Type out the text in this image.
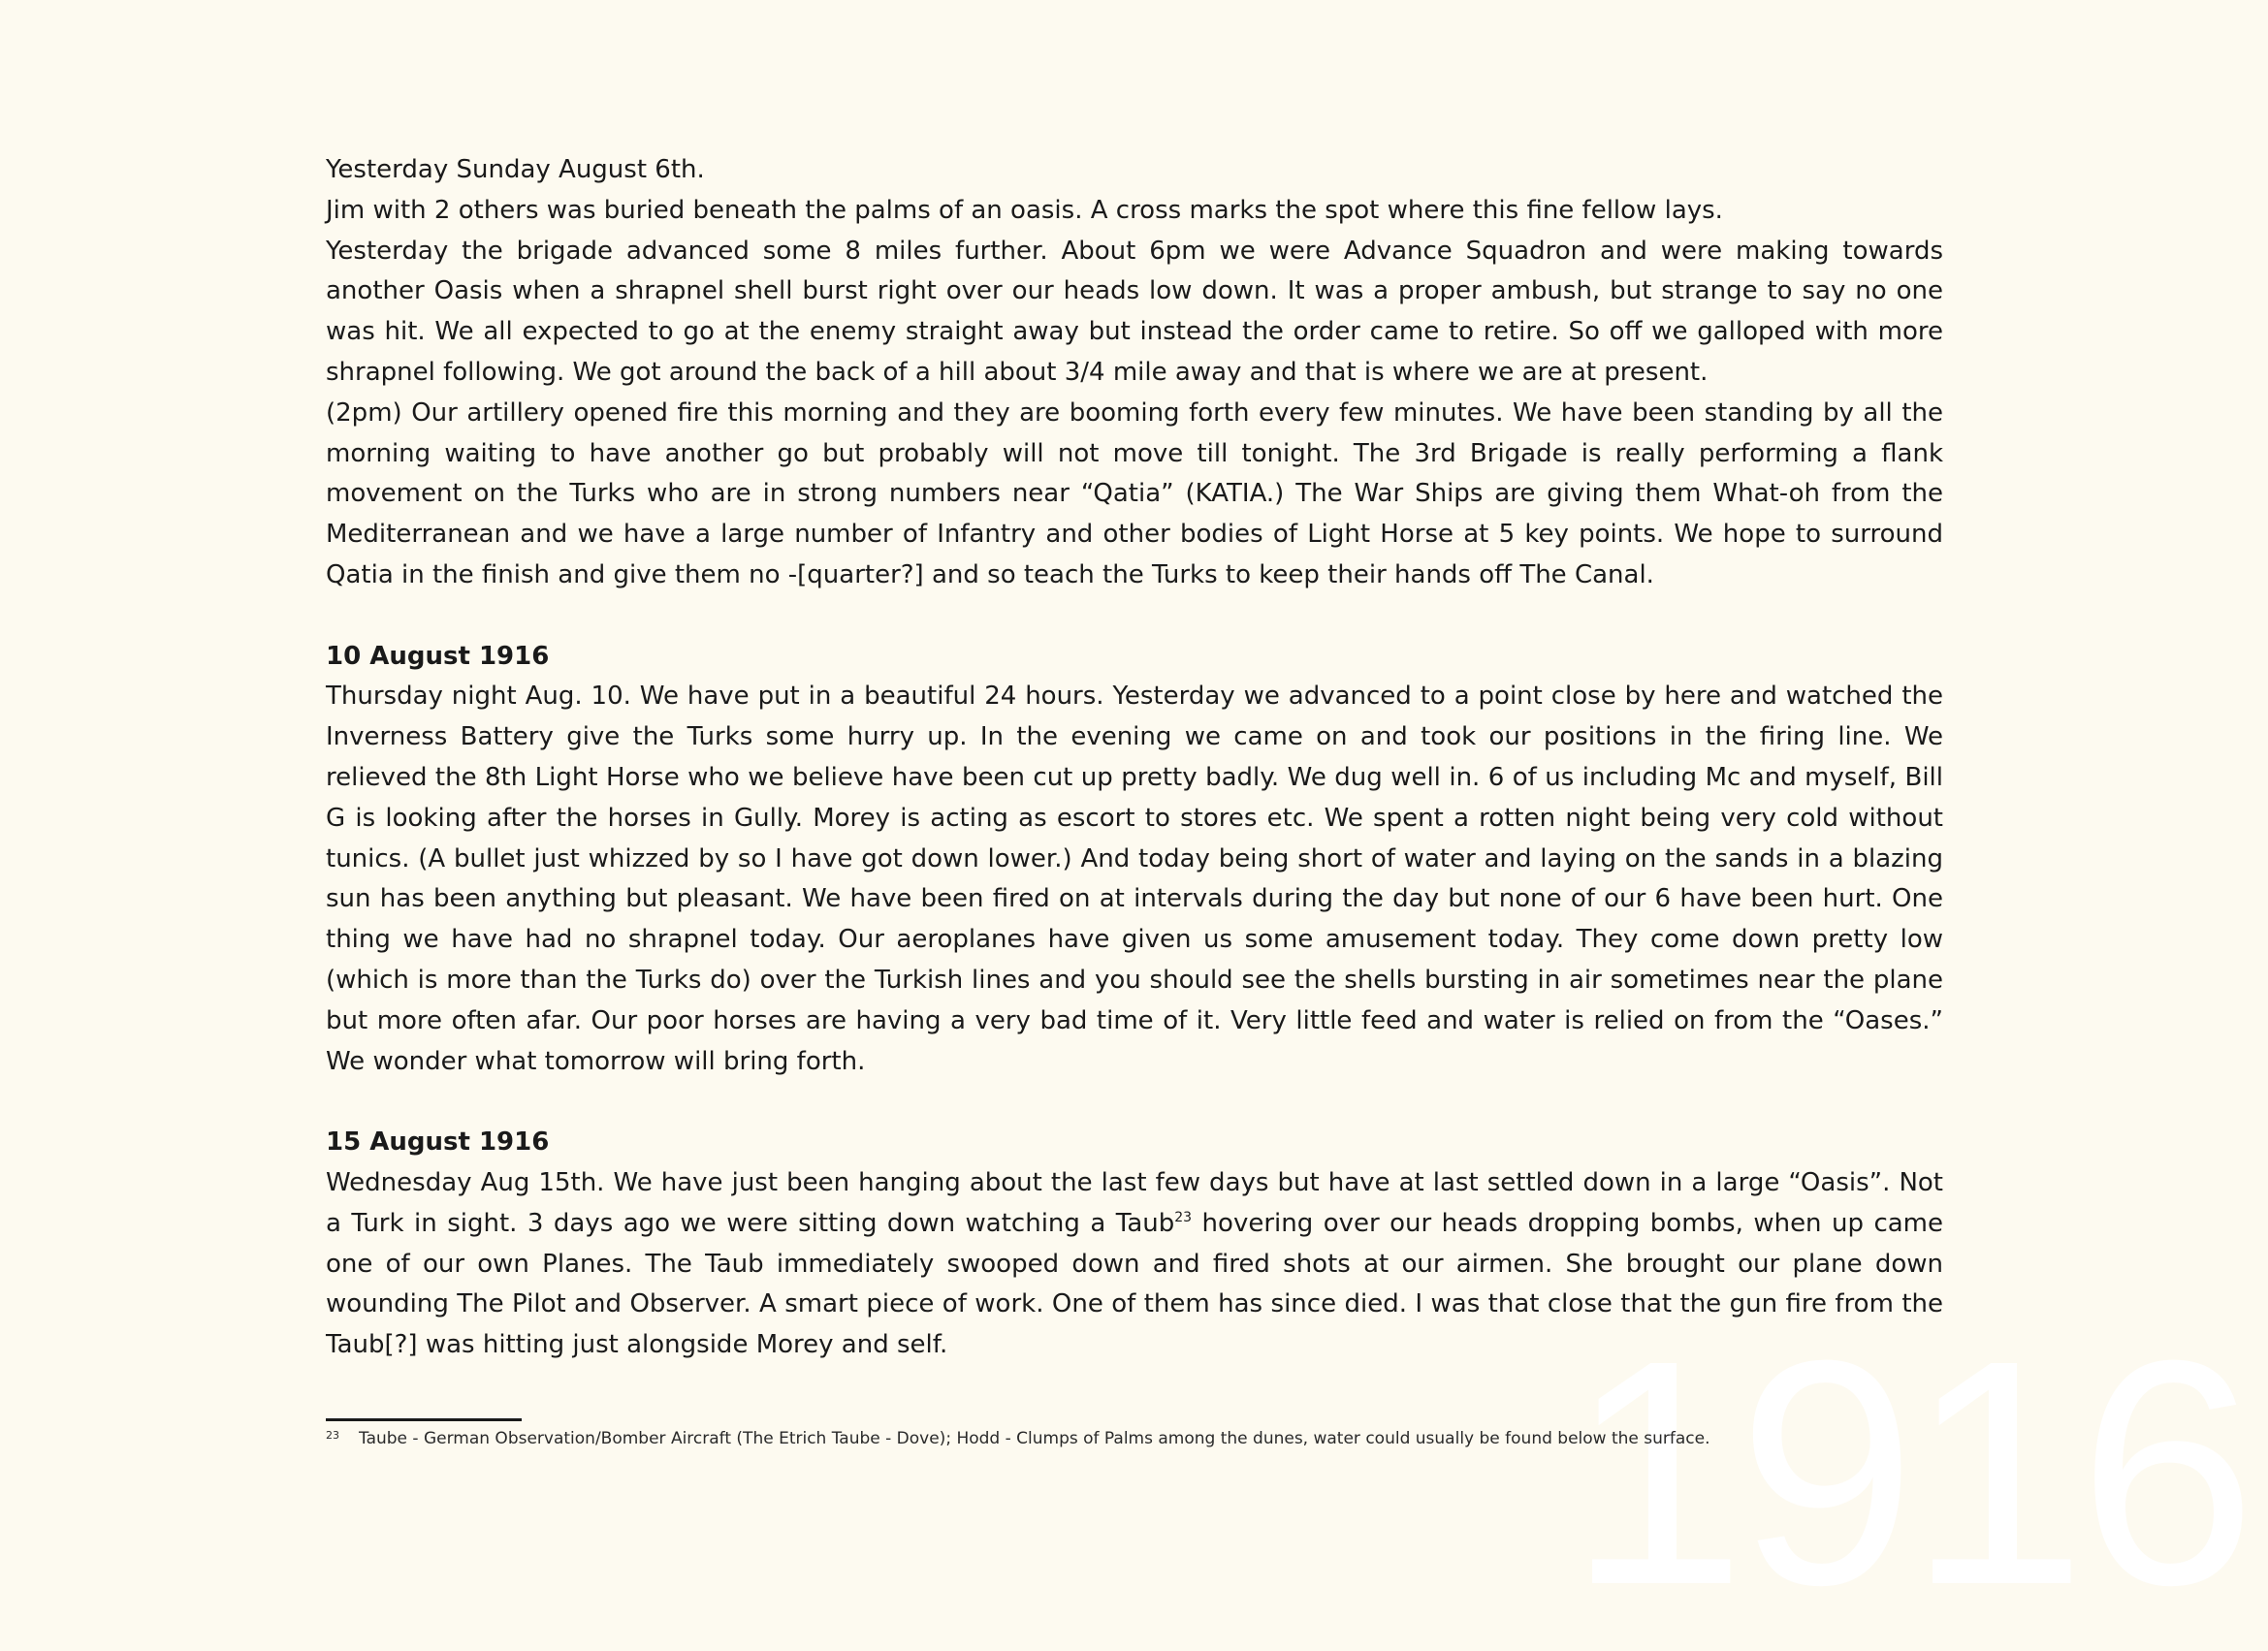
1916

Yesterday Sunday August 6th.

Jim with 2 others was buried beneath the palms of an oasis. A cross marks the spot where this fine fellow lays.

Yesterday the brigade advanced some 8 miles further. About 6pm we were Advance Squadron and were making towards another Oasis when a shrapnel shell burst right over our heads low down. It was a proper ambush, but strange to say no one was hit. We all expected to go at the enemy straight away but instead the order came to retire. So off we galloped with more shrapnel following. We got around the back of a hill about 3/4 mile away and that is where we are at present.

(2pm) Our artillery opened fire this morning and they are booming forth every few minutes. We have been standing by all the morning waiting to have another go but probably will not move till tonight. The 3rd Brigade is really performing a flank movement on the Turks who are in strong numbers near “Qatia” (KATIA.) The War Ships are giving them What-oh from the Mediterranean and we have a large number of Infantry and other bodies of Light Horse at 5 key points. We hope to surround Qatia in the finish and give them no -[quarter?] and so teach the Turks to keep their hands off The Canal.

10 August 1916

Thursday night Aug. 10. We have put in a beautiful 24 hours. Yesterday we advanced to a point close by here and watched the Inverness Battery give the Turks some hurry up. In the evening we came on and took our positions in the firing line. We relieved the 8th Light Horse who we believe have been cut up pretty badly. We dug well in. 6 of us including Mc and myself, Bill G is looking after the horses in Gully. Morey is acting as escort to stores etc. We spent a rotten night being very cold without tunics. (A bullet just whizzed by so I have got down lower.) And today being short of water and laying on the sands in a blazing sun has been anything but pleasant. We have been fired on at intervals during the day but none of our 6 have been hurt. One thing we have had no shrapnel today. Our aeroplanes have given us some amusement today. They come down pretty low (which is more than the Turks do) over the Turkish lines and you should see the shells bursting in air sometimes near the plane but more often afar. Our poor horses are having a very bad time of it. Very little feed and water is relied on from the “Oases.” We wonder what tomorrow will bring forth.

15 August 1916

Wednesday Aug 15th. We have just been hanging about the last few days but have at last settled down in a large “Oasis”. Not a Turk in sight. 3 days ago we were sitting down watching a Taub$^{23}$ hovering over our heads dropping bombs, when up came one of our own Planes. The Taub immediately swooped down and fired shots at our airmen. She brought our plane down wounding The Pilot and Observer. A smart piece of work. One of them has since died. I was that close that the gun fire from the Taub[?] was hitting just alongside Morey and self.

$^{23}$ Taube - German Observation/Bomber Aircraft (The Etrich Taube - Dove); Hodd - Clumps of Palms among the dunes, water could usually be found below the surface.
